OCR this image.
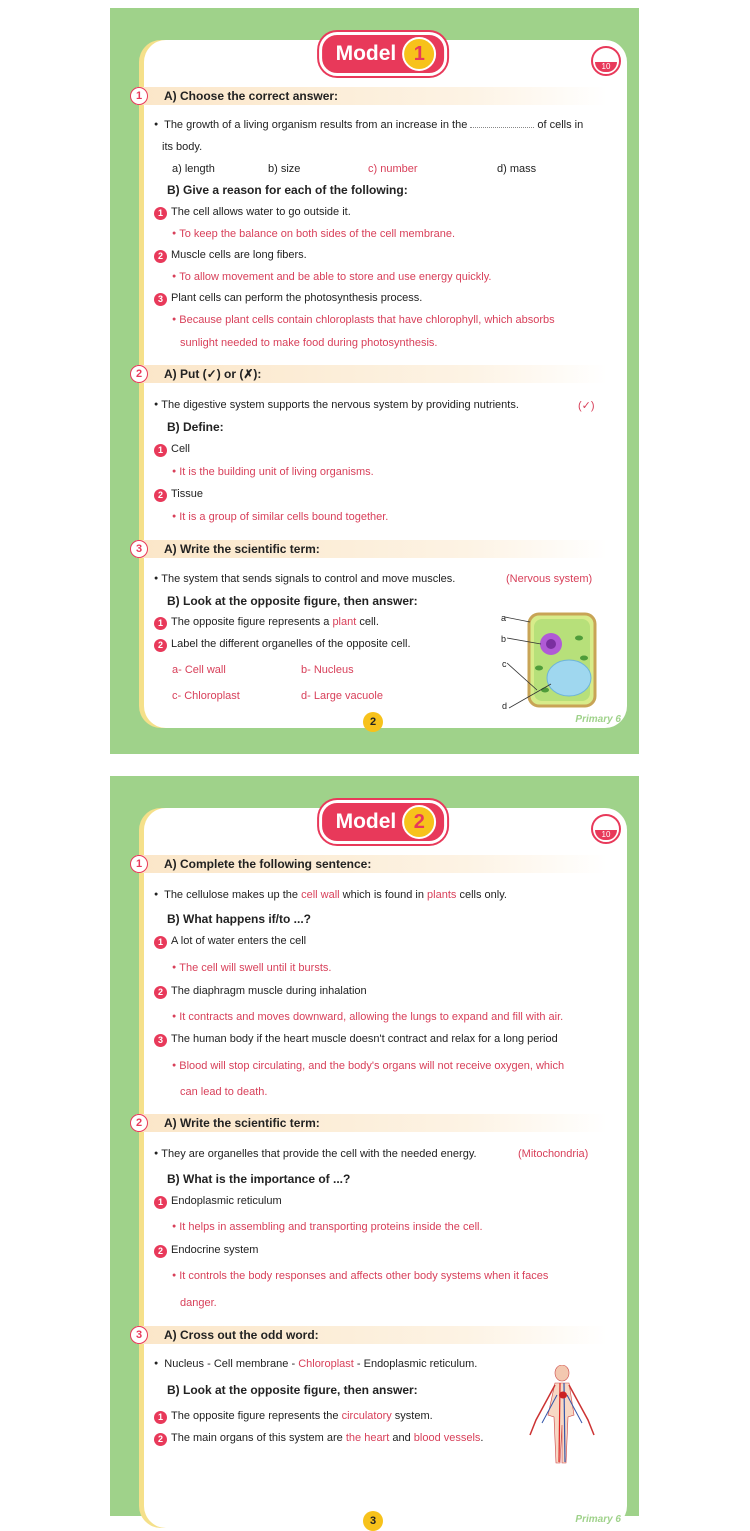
Model 1
10
1	A) Choose the correct answer:
● The growth of a living organism results from an increase in the	of cells in
its body.
a) length	b) size	c) number	d) mass
B) Give a reason for each of the following:
1 The cell allows water to go outside it.
● To keep the balance on both sides of the cell membrane.
2 Muscle cells are long fibers.
● To allow movement and be able to store and use energy quickly.
3 Plant cells can perform the photosynthesis process.
● Because plant cells contain chloroplasts that have chlorophyll, which absorbs
sunlight needed to make food during photosynthesis.
2	A) Put (✓) or (✗):
● The digestive system supports the nervous system by providing nutrients.	(✓)
B) Define:
1 Cell
● It is the building unit of living organisms.
2 Tissue
● It is a group of similar cells bound together.
3	A) Write the scientific term:
● The system that sends signals to control and move muscles.	(Nervous system)
B) Look at the opposite figure, then answer:
1 The opposite figure represents a plant cell.
2 Label the different organelles of the opposite cell.
a- Cell wall	b- Nucleus
c- Chloroplast	d- Large vacuole
a
b
c
d
2	Primary 6
Model 2
10
1	A) Complete the following sentence:
● The cellulose makes up the cell wall which is found in plants cells only.
B) What happens if/to ...?
1 A lot of water enters the cell
● The cell will swell until it bursts.
2 The diaphragm muscle during inhalation
● It contracts and moves downward, allowing the lungs to expand and fill with air.
3 The human body if the heart muscle doesn't contract and relax for a long period
● Blood will stop circulating, and the body's organs will not receive oxygen, which
can lead to death.
2	A) Write the scientific term:
● They are organelles that provide the cell with the needed energy.	(Mitochondria)
B) What is the importance of ...?
1 Endoplasmic reticulum
● It helps in assembling and transporting proteins inside the cell.
2 Endocrine system
● It controls the body responses and affects other body systems when it faces
danger.
3	A) Cross out the odd word:
● Nucleus - Cell membrane - Chloroplast - Endoplasmic reticulum.
B) Look at the opposite figure, then answer:
1 The opposite figure represents the circulatory system.
2 The main organs of this system are the heart and blood vessels.
3	Primary 6
